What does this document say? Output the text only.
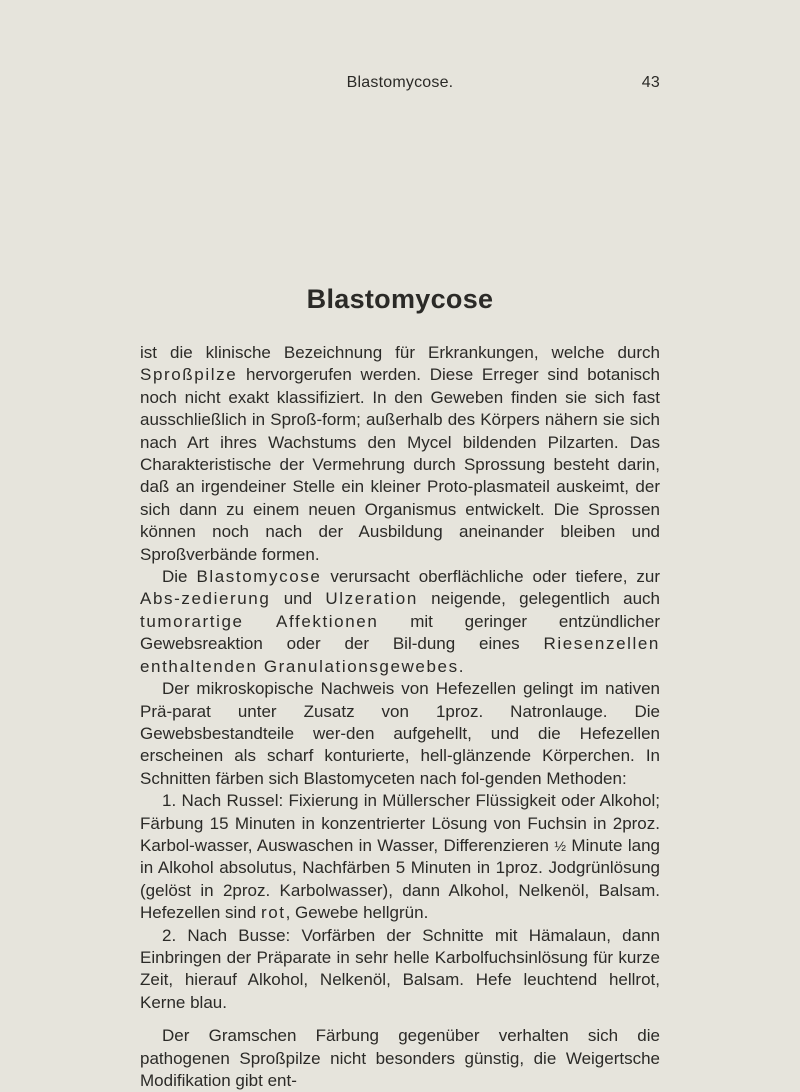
Blastomycose.	43
Blastomycose

ist die klinische Bezeichnung für Erkrankungen, welche durch Sproßpilze hervorgerufen werden. Diese Erreger sind botanisch noch nicht exakt klassifiziert. In den Geweben finden sie sich fast ausschließlich in Sproß-form; außerhalb des Körpers nähern sie sich nach Art ihres Wachstums den Mycel bildenden Pilzarten. Das Charakteristische der Vermehrung durch Sprossung besteht darin, daß an irgendeiner Stelle ein kleiner Proto-plasmateil auskeimt, der sich dann zu einem neuen Organismus entwickelt. Die Sprossen können noch nach der Ausbildung aneinander bleiben und Sproßverbände formen.

Die Blastomycose verursacht oberflächliche oder tiefere, zur Abs-zedierung und Ulzeration neigende, gelegentlich auch tumorartige Affektionen mit geringer entzündlicher Gewebsreaktion oder der Bil-dung eines Riesenzellen enthaltenden Granulationsgewebes.

Der mikroskopische Nachweis von Hefezellen gelingt im nativen Prä-parat unter Zusatz von 1proz. Natronlauge. Die Gewebsbestandteile wer-den aufgehellt, und die Hefezellen erscheinen als scharf konturierte, hell-glänzende Körperchen. In Schnitten färben sich Blastomyceten nach fol-genden Methoden:

1. Nach Russel: Fixierung in Müllerscher Flüssigkeit oder Alkohol; Färbung 15 Minuten in konzentrierter Lösung von Fuchsin in 2proz. Karbol-wasser, Auswaschen in Wasser, Differenzieren ½ Minute lang in Alkohol absolutus, Nachfärben 5 Minuten in 1proz. Jodgrünlösung (gelöst in 2proz. Karbolwasser), dann Alkohol, Nelkenöl, Balsam. Hefezellen sind rot, Gewebe hellgrün.

2. Nach Busse: Vorfärben der Schnitte mit Hämalaun, dann Einbringen der Präparate in sehr helle Karbolfuchsinlösung für kurze Zeit, hierauf Alkohol, Nelkenöl, Balsam. Hefe leuchtend hellrot, Kerne blau.

Der Gramschen Färbung gegenüber verhalten sich die pathogenen Sproßpilze nicht besonders günstig, die Weigertsche Modifikation gibt ent-
